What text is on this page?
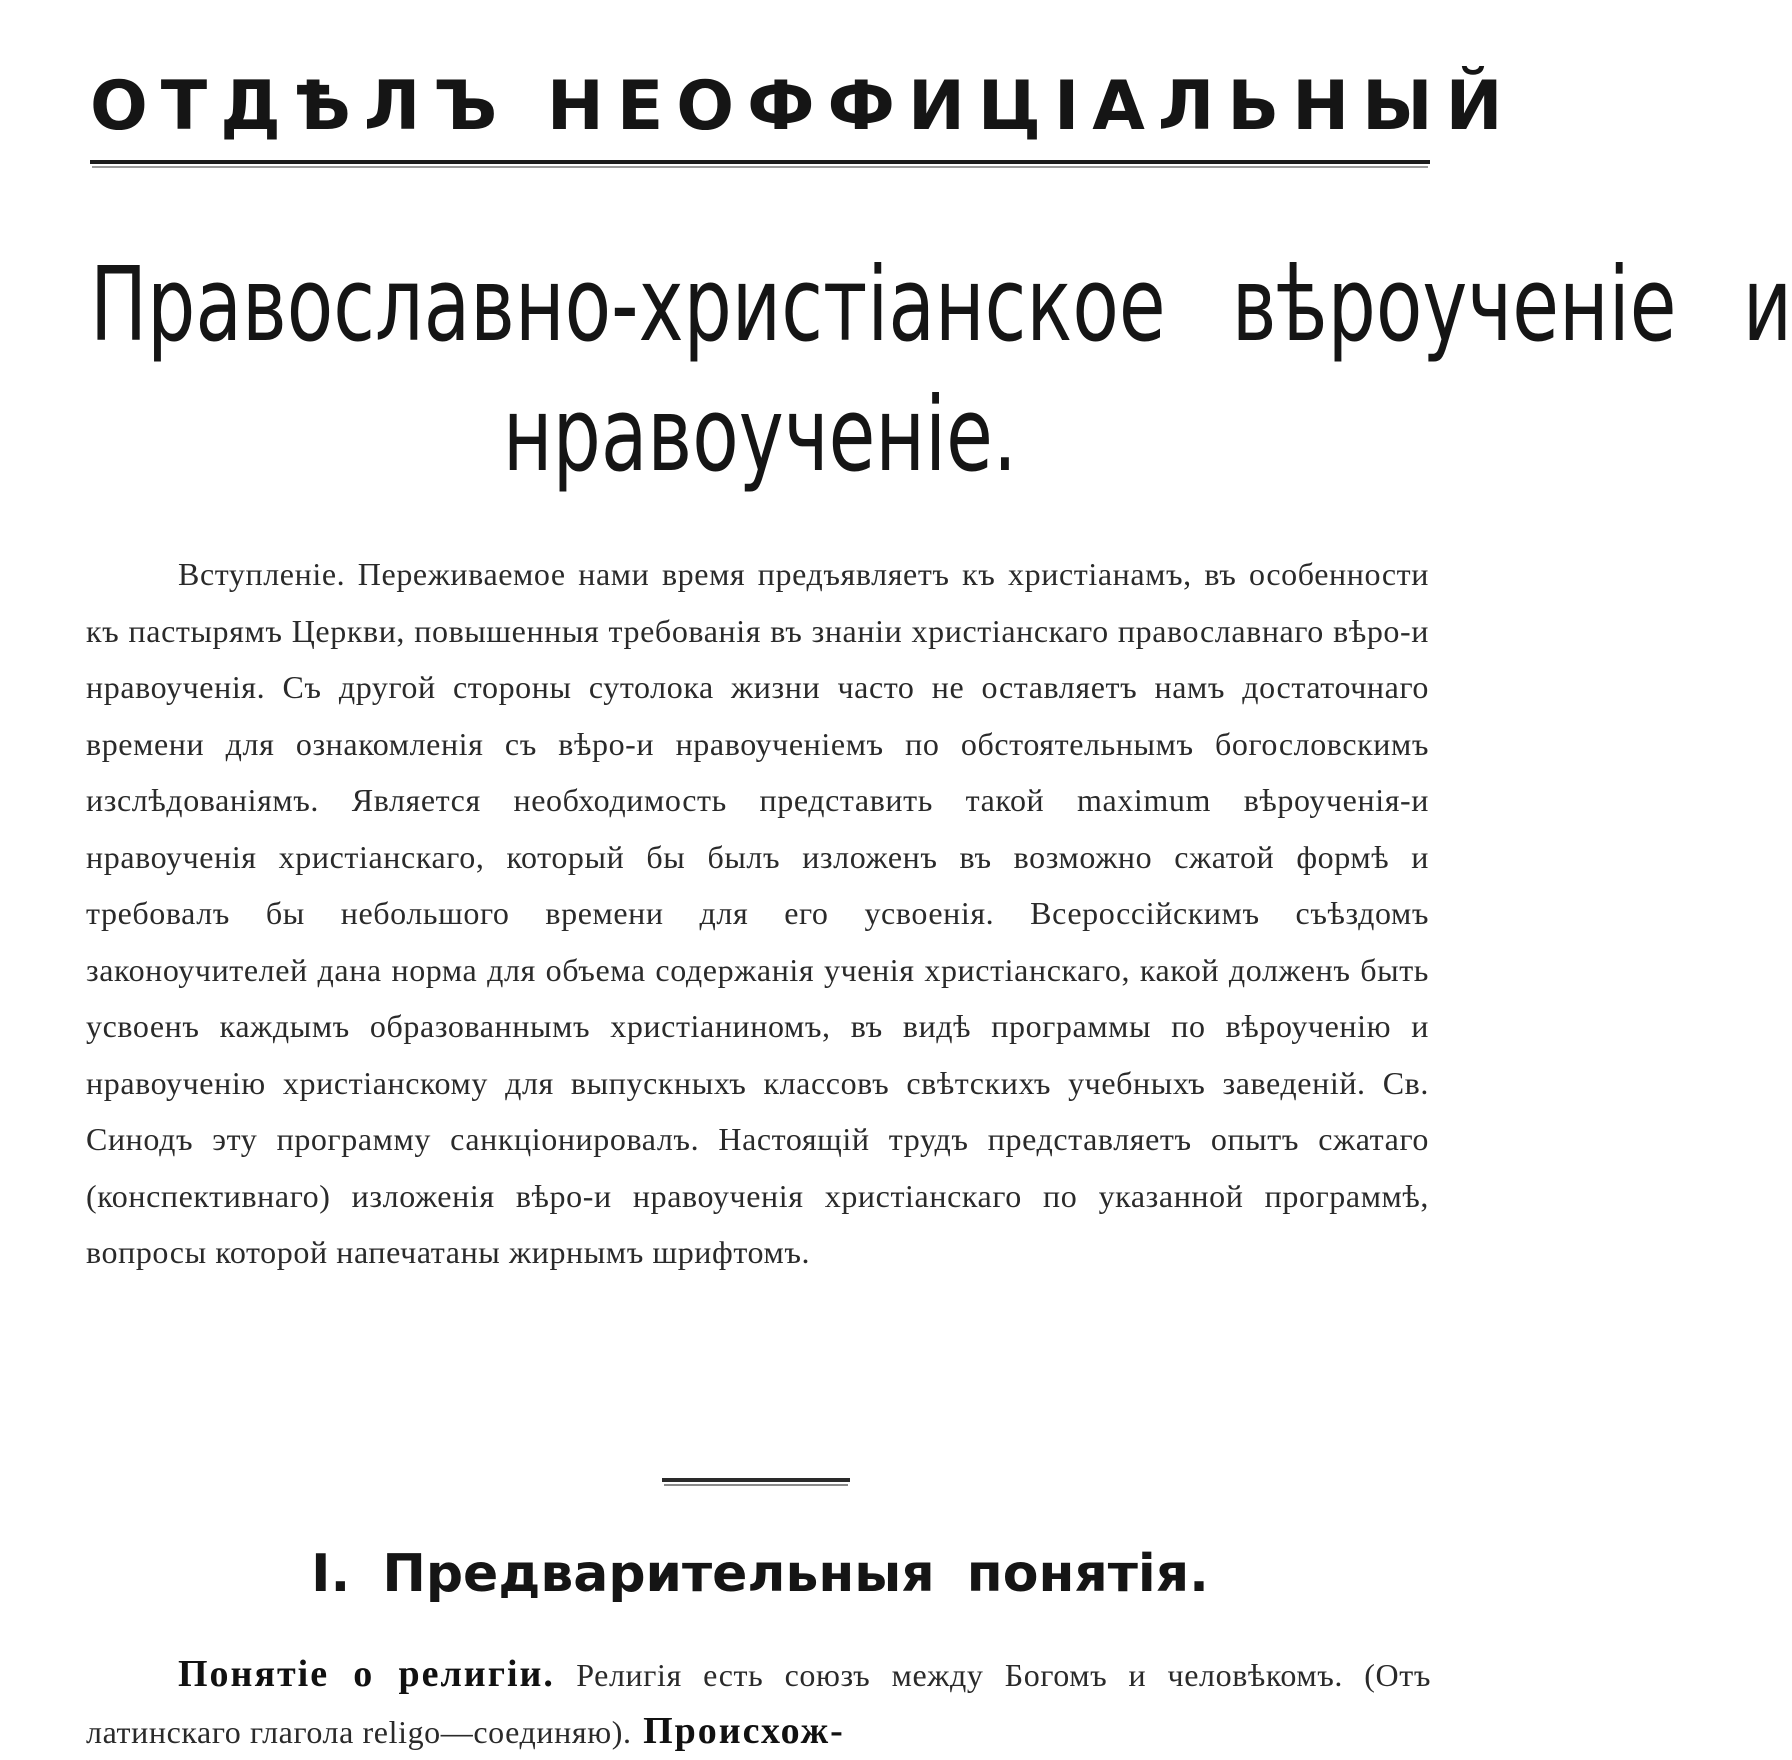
ОТДѢЛЪ НЕОФФИЦІАЛЬНЫЙ
Православно-христіанское вѣроученіе и
нравоученіе.
Вступленіе. Переживаемое нами время предъявляетъ къ христіанамъ, въ особенности къ пастырямъ Церкви, повышенныя требованія въ знаніи христіанскаго православнаго вѣро-и нравоученія. Съ другой стороны сутолока жизни часто не оставляетъ намъ достаточнаго времени для ознакомленія съ вѣро-и нравоученіемъ по обстоятельнымъ богословскимъ изслѣдованіямъ. Является необходимость представить такой maximum вѣроученія-и нравоученія христіанскаго, который бы былъ изложенъ въ возможно сжатой формѣ и требовалъ бы небольшого времени для его усвоенія. Всероссійскимъ съѣздомъ законоучителей дана норма для объема содержанія ученія христіанскаго, какой долженъ быть усвоенъ каждымъ образованнымъ христіаниномъ, въ видѣ программы по вѣроученію и нравоученію христіанскому для выпускныхъ классовъ свѣтскихъ учебныхъ заведеній. Св. Синодъ эту программу санкціонировалъ. Настоящій трудъ представляетъ опытъ сжатаго (конспективнаго) изложенія вѣро-и нравоученія христіанскаго по указанной программѣ, вопросы которой напечатаны жирнымъ шрифтомъ.
I. Предварительныя понятія.
Понятіе о религіи. Религія есть союзъ между Богомъ и человѣкомъ. (Отъ латинскаго глагола religo—соединяю). Происхож-
